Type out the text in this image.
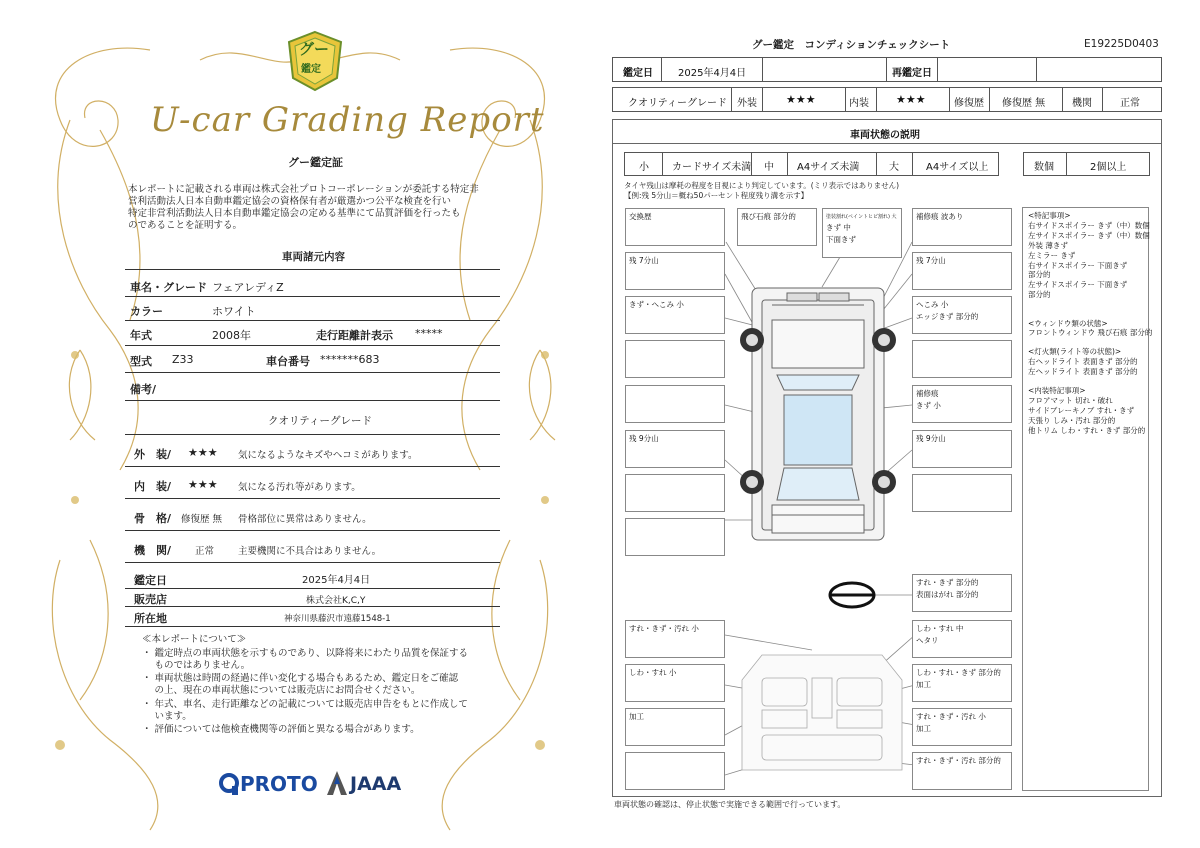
グー
鑑定
U-car Grading Report
グー鑑定証
本レポートに記載される車両は株式会社プロトコーポレーションが委託する特定非
営利活動法人日本自動車鑑定協会の資格保有者が厳選かつ公平な検査を行い
特定非営利活動法人日本自動車鑑定協会の定める基準にて品質評価を行ったも
のであることを証明する。
車両諸元内容
車名・グレード フェアレディZ
カラー	ホワイト
年式	2008年	走行距離計表示 *****
型式 Z33	車台番号 *******683
備考/
クオリティーグレード
外　装/ ★★★ 気になるようなキズやヘコミがあります。
内　装/ ★★★ 気になる汚れ等があります。
骨　格/ 修復歴 無 骨格部位に異常はありません。
機　関/	正常	主要機関に不具合はありません。
鑑定日	2025年4月4日
販売店	株式会社K,C,Y
所在地	神奈川県藤沢市遠藤1548-1
≪本レポートについて≫
・ 鑑定時点の車両状態を示すものであり、以降将来にわたり品質を保証する
　 ものではありません。
・ 車両状態は時間の経過に伴い変化する場合もあるため、鑑定日をご確認
　 の上、現在の車両状態については販売店にお問合せください。
・ 年式、車名、走行距離などの記載については販売店申告をもとに作成して
　 います。
・ 評価については他検査機関等の評価と異なる場合があります。
PROTO JAAA
グー鑑定　コンディションチェックシート	E19225D0403
鑑定日	2025年4月4日	再鑑定日
クオリティーグレード 外装	★★★	内装 ★★★	修復歴 修復歴 無	機関	正常
車両状態の説明
小 カードサイズ未満 中 A4サイズ未満	大	A4サイズ以上	数個	2個以上
タイヤ残山は摩耗の程度を目視により判定しています。(ミリ表示ではありません)
【例:残 5分山＝概ね50パーセント程度残り溝を示す】
<特記事項>
右サイドスポイラー きず（中）数個
左サイドスポイラー きず（中）数個
外装 薄きず
左ミラー きず
右サイドスポイラー 下面きず
部分的
左サイドスポイラー 下面きず
部分的
<ウィンドウ類の状態>
フロントウィンドウ 飛び石痕 部分的
<灯火類(ライト等の状態)>
右ヘッドライト 表面きず 部分的
左ヘッドライト 表面きず 部分的
<内装特記事項>
フロアマット 切れ・破れ
サイドブレーキノブ すれ・きず
天張り しみ・汚れ 部分的
他トリム しわ・すれ・きず 部分的
交換歴
残 7分山
きず・へこみ 小
残 9分山
飛び石痕 部分的	塗装割れ(ペイントヒビ割れ) 大
きず 中
下面きず
補修痕 波あり
残 7分山
へこみ 小
エッジきず 部分的
補修痕
きず 小
残 9分山
すれ・きず 部分的
表面はがれ 部分的
すれ・きず・汚れ 小
しわ・すれ 小
加工
しわ・すれ 中
へタリ
しわ・すれ・きず 部分的
加工
すれ・きず・汚れ 小
加工
すれ・きず・汚れ 部分的
車両状態の確認は、停止状態で実施できる範囲で行っています。
